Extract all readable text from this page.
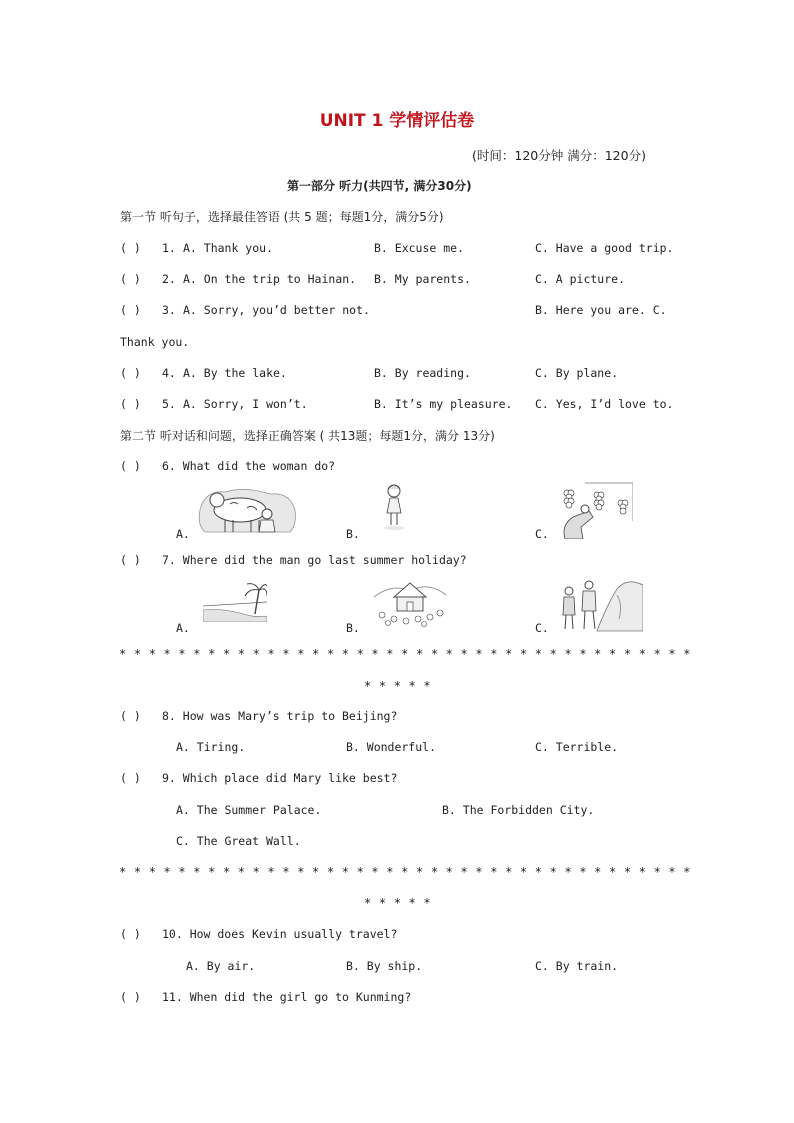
UNIT 1 学情评估卷
(时间：120分钟 满分：120分)
第一部分 听力(共四节, 满分30分)
第一节 听句子，选择最佳答语 (共 5 题；每题1分，满分5分)
( ) 1. A. Thank you.	B. Excuse me.	C. Have a good trip.
( ) 2. A. On the trip to Hainan. B. My parents.	C. A picture.
( ) 3. A. Sorry, you’d better not.	B. Here you are. C.
Thank you.
( ) 4. A. By the lake.	B. By reading.	C. By plane.
( ) 5. A. Sorry, I won’t.	B. It’s my pleasure. C. Yes, I’d love to.
第二节 听对话和问题，选择正确答案 ( 共13题；每题1分，满分 13分)
( ) 6. What did the woman do?
A.	B.	C.
( ) 7. Where did the man go last summer holiday?
A.	B.	C.
* * * * * * * * * * * * * * * * * * * * * * * * * * * * * * * * * * * * * * *
* * * * *
( ) 8. How was Mary’s trip to Beijing?
A. Tiring.	B. Wonderful.	C. Terrible.
( ) 9. Which place did Mary like best?
A. The Summer Palace.	B. The Forbidden City.
C. The Great Wall.
* * * * * * * * * * * * * * * * * * * * * * * * * * * * * * * * * * * * * * *
* * * * *
( ) 10. How does Kevin usually travel?
A. By air.	B. By ship.	C. By train.
( ) 11. When did the girl go to Kunming?
